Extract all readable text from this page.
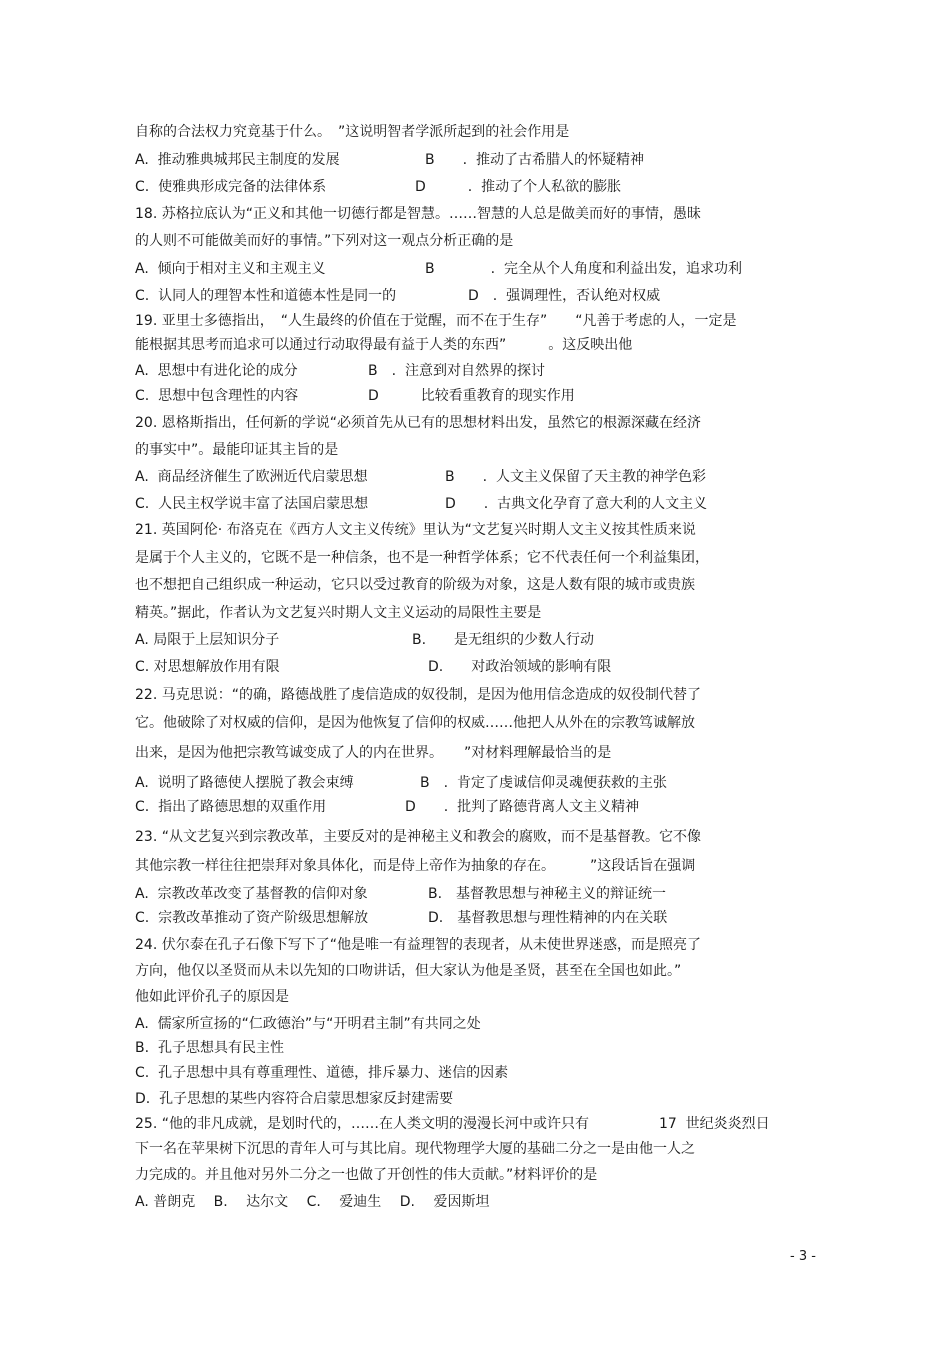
自称的合法权力究竟基于什么。　”这说明智者学派所起到的社会作用是
A.  推动雅典城邦民主制度的发展	B　　.  推动了古希腊人的怀疑精神
C.  使雅典形成完备的法律体系	D　　　.  推动了个人私欲的膨胀
18. 苏格拉底认为“正义和其他一切德行都是智慧。……智慧的人总是做美而好的事情，愚昧
的人则不可能做美而好的事情。”下列对这一观点分析正确的是
A.  倾向于相对主义和主观主义	B　　　　.  完全从个人角度和利益出发，追求功利
C.  认同人的理智本性和道德本性是同一的	D　.  强调理性，否认绝对权威
19. 亚里士多德指出，　“人生最终的价值在于觉醒，而不在于生存”　　“凡善于考虑的人，一定是
能根据其思考而追求可以通过行动取得最有益于人类的东西”　　　。这反映出他
A.  思想中有进化论的成分	B　.  注意到对自然界的探讨
C.  思想中包含理性的内容	D　　　比较看重教育的现实作用
20. 恩格斯指出，任何新的学说“必须首先从已有的思想材料出发，虽然它的根源深藏在经济
的事实中”。最能印证其主旨的是
A.  商品经济催生了欧洲近代启蒙思想	B　　.  人文主义保留了天主教的神学色彩
C.  人民主权学说丰富了法国启蒙思想	D　　.  古典文化孕育了意大利的人文主义
21. 英国阿伦· 布洛克在《西方人文主义传统》里认为“文艺复兴时期人文主义按其性质来说
是属于个人主义的，它既不是一种信条，也不是一种哲学体系；它不代表任何一个利益集团，
也不想把自己组织成一种运动，它只以受过教育的阶级为对象，这是人数有限的城市或贵族
精英。”据此，作者认为文艺复兴时期人文主义运动的局限性主要是
A. 局限于上层知识分子	B.　　是无组织的少数人行动
C. 对思想解放作用有限	D.　　对政治领域的影响有限
22. 马克思说：“的确，路德战胜了虔信造成的奴役制，是因为他用信念造成的奴役制代替了
它。他破除了对权威的信仰，是因为他恢复了信仰的权威……他把人从外在的宗教笃诚解放
出来，是因为他把宗教笃诚变成了人的内在世界。　　”对材料理解最恰当的是
A.  说明了路德使人摆脱了教会束缚	B　.  肯定了虔诚信仰灵魂便获救的主张
C.  指出了路德思想的双重作用	D　　.  批判了路德背离人文主义精神
23. “从文艺复兴到宗教改革，主要反对的是神秘主义和教会的腐败，而不是基督教。它不像
其他宗教一样往往把崇拜对象具体化，而是侍上帝作为抽象的存在。　　　”这段话旨在强调
A.  宗教改革改变了基督教的信仰对象	B.　基督教思想与神秘主义的辩证统一
C.  宗教改革推动了资产阶级思想解放	D.　基督教思想与理性精神的内在关联
24. 伏尔泰在孔子石像下写下了“他是唯一有益理智的表现者，从未使世界迷惑，而是照亮了
方向，他仅以圣贤而从未以先知的口吻讲话，但大家认为他是圣贤，甚至在全国也如此。”
他如此评价孔子的原因是
A.  儒家所宣扬的“仁政德治”与“开明君主制”有共同之处
B.  孔子思想具有民主性
C.  孔子思想中具有尊重理性、道德，排斥暴力、迷信的因素
D.  孔子思想的某些内容符合启蒙思想家反封建需要
25. “他的非凡成就，是划时代的，……在人类文明的漫漫长河中或许只有　　　　　17  世纪炎炎烈日
下一名在苹果树下沉思的青年人可与其比肩。现代物理学大厦的基础二分之一是由他一人之
力完成的。并且他对另外二分之一也做了开创性的伟大贡献。”材料评价的是
A. 普朗克　 B.　 达尔文　 C.　 爱迪生　 D.　 爱因斯坦
- 3 -
